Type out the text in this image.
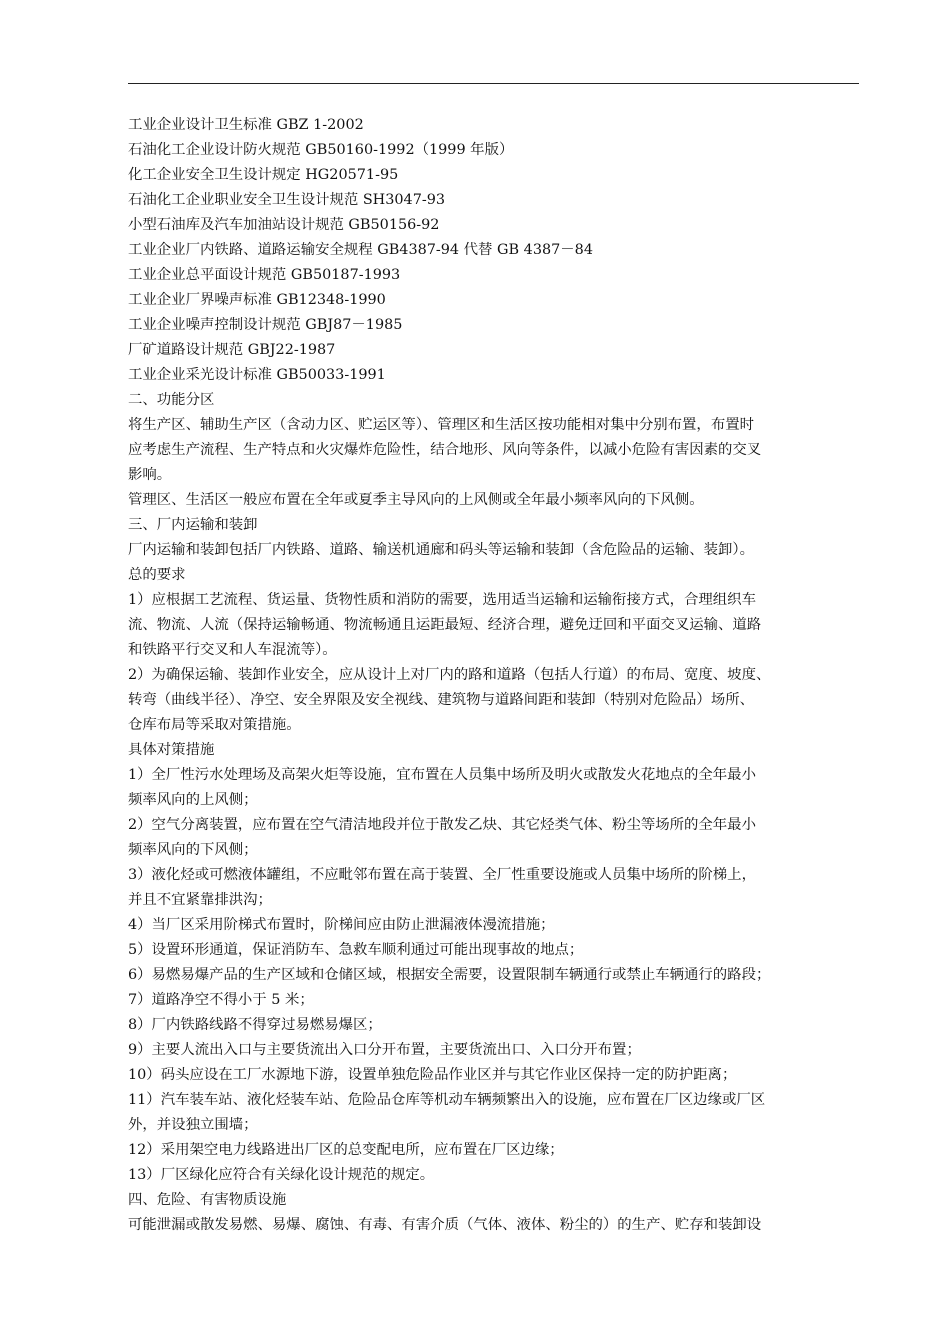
工业企业设计卫生标准 GBZ 1-2002
石油化工企业设计防火规范 GB50160-1992（1999 年版）
化工企业安全卫生设计规定 HG20571-95
石油化工企业职业安全卫生设计规范 SH3047-93
小型石油库及汽车加油站设计规范 GB50156-92
工业企业厂内铁路、道路运输安全规程 GB4387-94 代替 GB 4387－84
工业企业总平面设计规范 GB50187-1993
工业企业厂界噪声标准 GB12348-1990
工业企业噪声控制设计规范 GBJ87－1985
厂矿道路设计规范 GBJ22-1987
工业企业采光设计标准 GB50033-1991
二、功能分区
将生产区、辅助生产区（含动力区、贮运区等）、管理区和生活区按功能相对集中分别布置，布置时
应考虑生产流程、生产特点和火灾爆炸危险性，结合地形、风向等条件，以减小危险有害因素的交叉
影响。
管理区、生活区一般应布置在全年或夏季主导风向的上风侧或全年最小频率风向的下风侧。
三、厂内运输和装卸
厂内运输和装卸包括厂内铁路、道路、输送机通廊和码头等运输和装卸（含危险品的运输、装卸）。
总的要求
1）应根据工艺流程、货运量、货物性质和消防的需要，选用适当运输和运输衔接方式，合理组织车
流、物流、人流（保持运输畅通、物流畅通且运距最短、经济合理，避免迂回和平面交叉运输、道路
和铁路平行交叉和人车混流等）。
2）为确保运输、装卸作业安全，应从设计上对厂内的路和道路（包括人行道）的布局、宽度、坡度、
转弯（曲线半径）、净空、安全界限及安全视线、建筑物与道路间距和装卸（特别对危险品）场所、
仓库布局等采取对策措施。
具体对策措施
1）全厂性污水处理场及高架火炬等设施，宜布置在人员集中场所及明火或散发火花地点的全年最小
频率风向的上风侧；
2）空气分离装置，应布置在空气清洁地段并位于散发乙炔、其它烃类气体、粉尘等场所的全年最小
频率风向的下风侧；
3）液化烃或可燃液体罐组，不应毗邻布置在高于装置、全厂性重要设施或人员集中场所的阶梯上，
并且不宜紧靠排洪沟；
4）当厂区采用阶梯式布置时，阶梯间应由防止泄漏液体漫流措施；
5）设置环形通道，保证消防车、急救车顺利通过可能出现事故的地点；
6）易燃易爆产品的生产区域和仓储区域，根据安全需要，设置限制车辆通行或禁止车辆通行的路段；
7）道路净空不得小于 5 米；
8）厂内铁路线路不得穿过易燃易爆区；
9）主要人流出入口与主要货流出入口分开布置，主要货流出口、入口分开布置；
10）码头应设在工厂水源地下游，设置单独危险品作业区并与其它作业区保持一定的防护距离；
11）汽车装车站、液化烃装车站、危险品仓库等机动车辆频繁出入的设施，应布置在厂区边缘或厂区
外，并设独立围墙；
12）采用架空电力线路进出厂区的总变配电所，应布置在厂区边缘；
13）厂区绿化应符合有关绿化设计规范的规定。
四、危险、有害物质设施
可能泄漏或散发易燃、易爆、腐蚀、有毒、有害介质（气体、液体、粉尘的）的生产、贮存和装卸设
